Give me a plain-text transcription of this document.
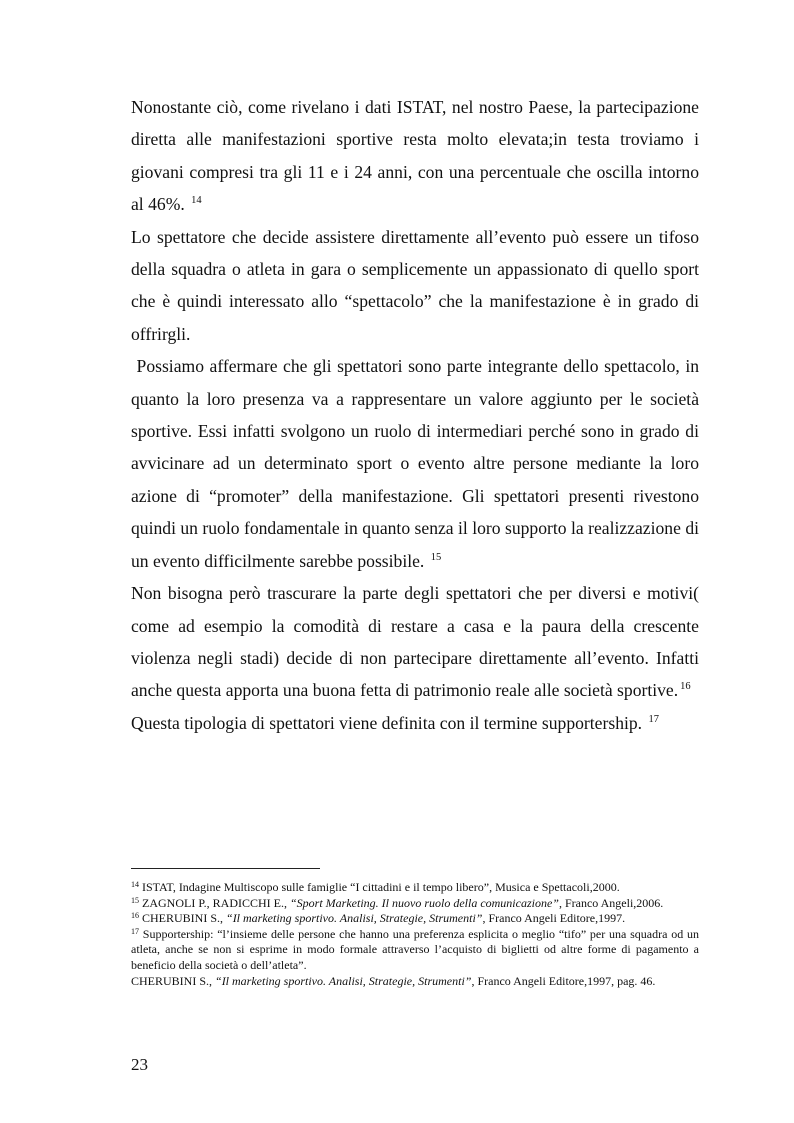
Nonostante ciò, come rivelano i dati ISTAT, nel nostro Paese, la partecipazione diretta alle manifestazioni sportive resta molto elevata;in testa troviamo i giovani compresi tra gli 11 e i 24 anni, con una percentuale che oscilla intorno al 46%. $^{14}$

Lo spettatore che decide assistere direttamente all’evento può essere un tifoso della squadra o atleta in gara o semplicemente un appassionato di quello sport che è quindi interessato allo “spettacolo” che la manifestazione è in grado di offrirgli.

Possiamo affermare che gli spettatori sono parte integrante dello spettacolo, in quanto la loro presenza va a rappresentare un valore aggiunto per le società sportive. Essi infatti svolgono un ruolo di intermediari perché sono in grado di avvicinare ad un determinato sport o evento altre persone mediante la loro azione di “promoter” della manifestazione. Gli spettatori presenti rivestono quindi un ruolo fondamentale in quanto senza il loro supporto la realizzazione di un evento difficilmente sarebbe possibile. $^{15}$

Non bisogna però trascurare la parte degli spettatori che per diversi e motivi( come ad esempio la comodità di restare a casa e la paura della crescente violenza negli stadi) decide di non partecipare direttamente all’evento. Infatti anche questa apporta una buona fetta di patrimonio reale alle società sportive. $^{16}$

Questa tipologia di spettatori viene definita con il termine supportership. $^{17}$

$^{14}$ ISTAT, Indagine Multiscopo sulle famiglie “I cittadini e il tempo libero”, Musica e Spettacoli,2000.

$^{15}$ ZAGNOLI P., RADICCHI E., “Sport Marketing. Il nuovo ruolo della comunicazione”, Franco Angeli,2006.

$^{16}$ CHERUBINI S., “Il marketing sportivo. Analisi, Strategie, Strumenti”, Franco Angeli Editore,1997.

$^{17}$ Supportership: “l’insieme delle persone che hanno una preferenza esplicita o meglio “tifo” per una squadra od un atleta, anche se non si esprime in modo formale attraverso l’acquisto di biglietti od altre forme di pagamento a beneficio della società o dell’atleta”.

CHERUBINI S., “Il marketing sportivo. Analisi, Strategie, Strumenti”, Franco Angeli Editore,1997, pag. 46.

23
